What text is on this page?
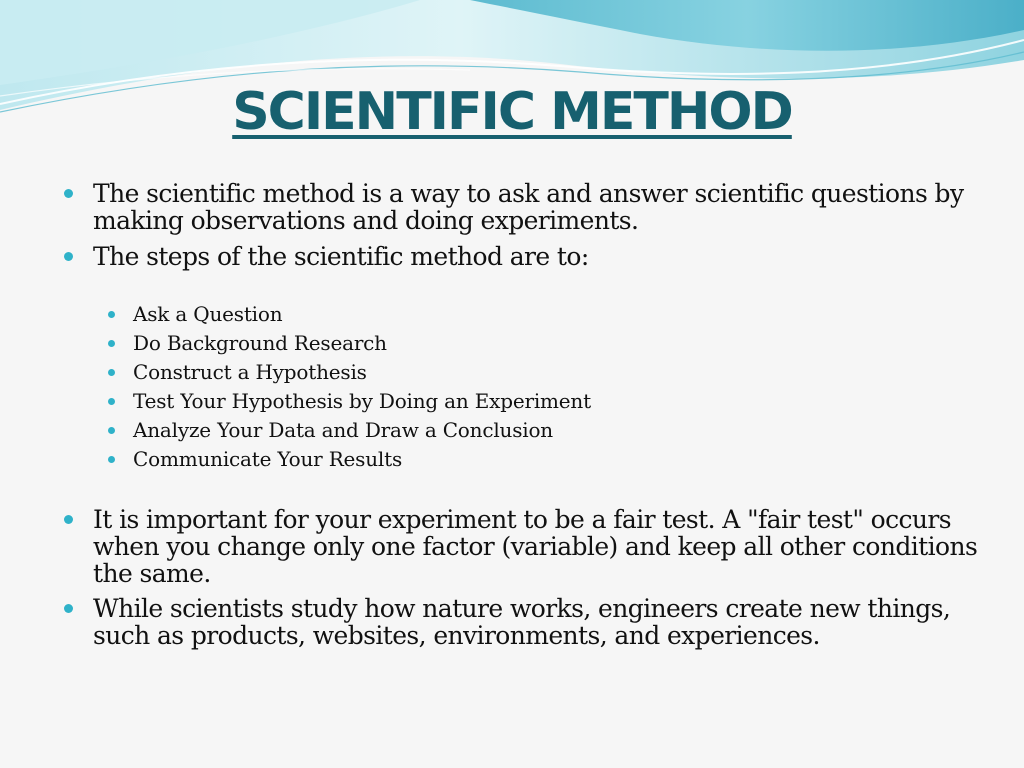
SCIENTIFIC METHOD

The scientific method is a way to ask and answer scientific questions by making observations and doing experiments.

The steps of the scientific method are to:

Ask a Question

Do Background Research

Construct a Hypothesis

Test Your Hypothesis by Doing an Experiment

Analyze Your Data and Draw a Conclusion

Communicate Your Results

It is important for your experiment to be a fair test. A "fair test" occurs when you change only one factor (variable) and keep all other conditions the same.

While scientists study how nature works, engineers create new things, such as products, websites, environments, and experiences.
